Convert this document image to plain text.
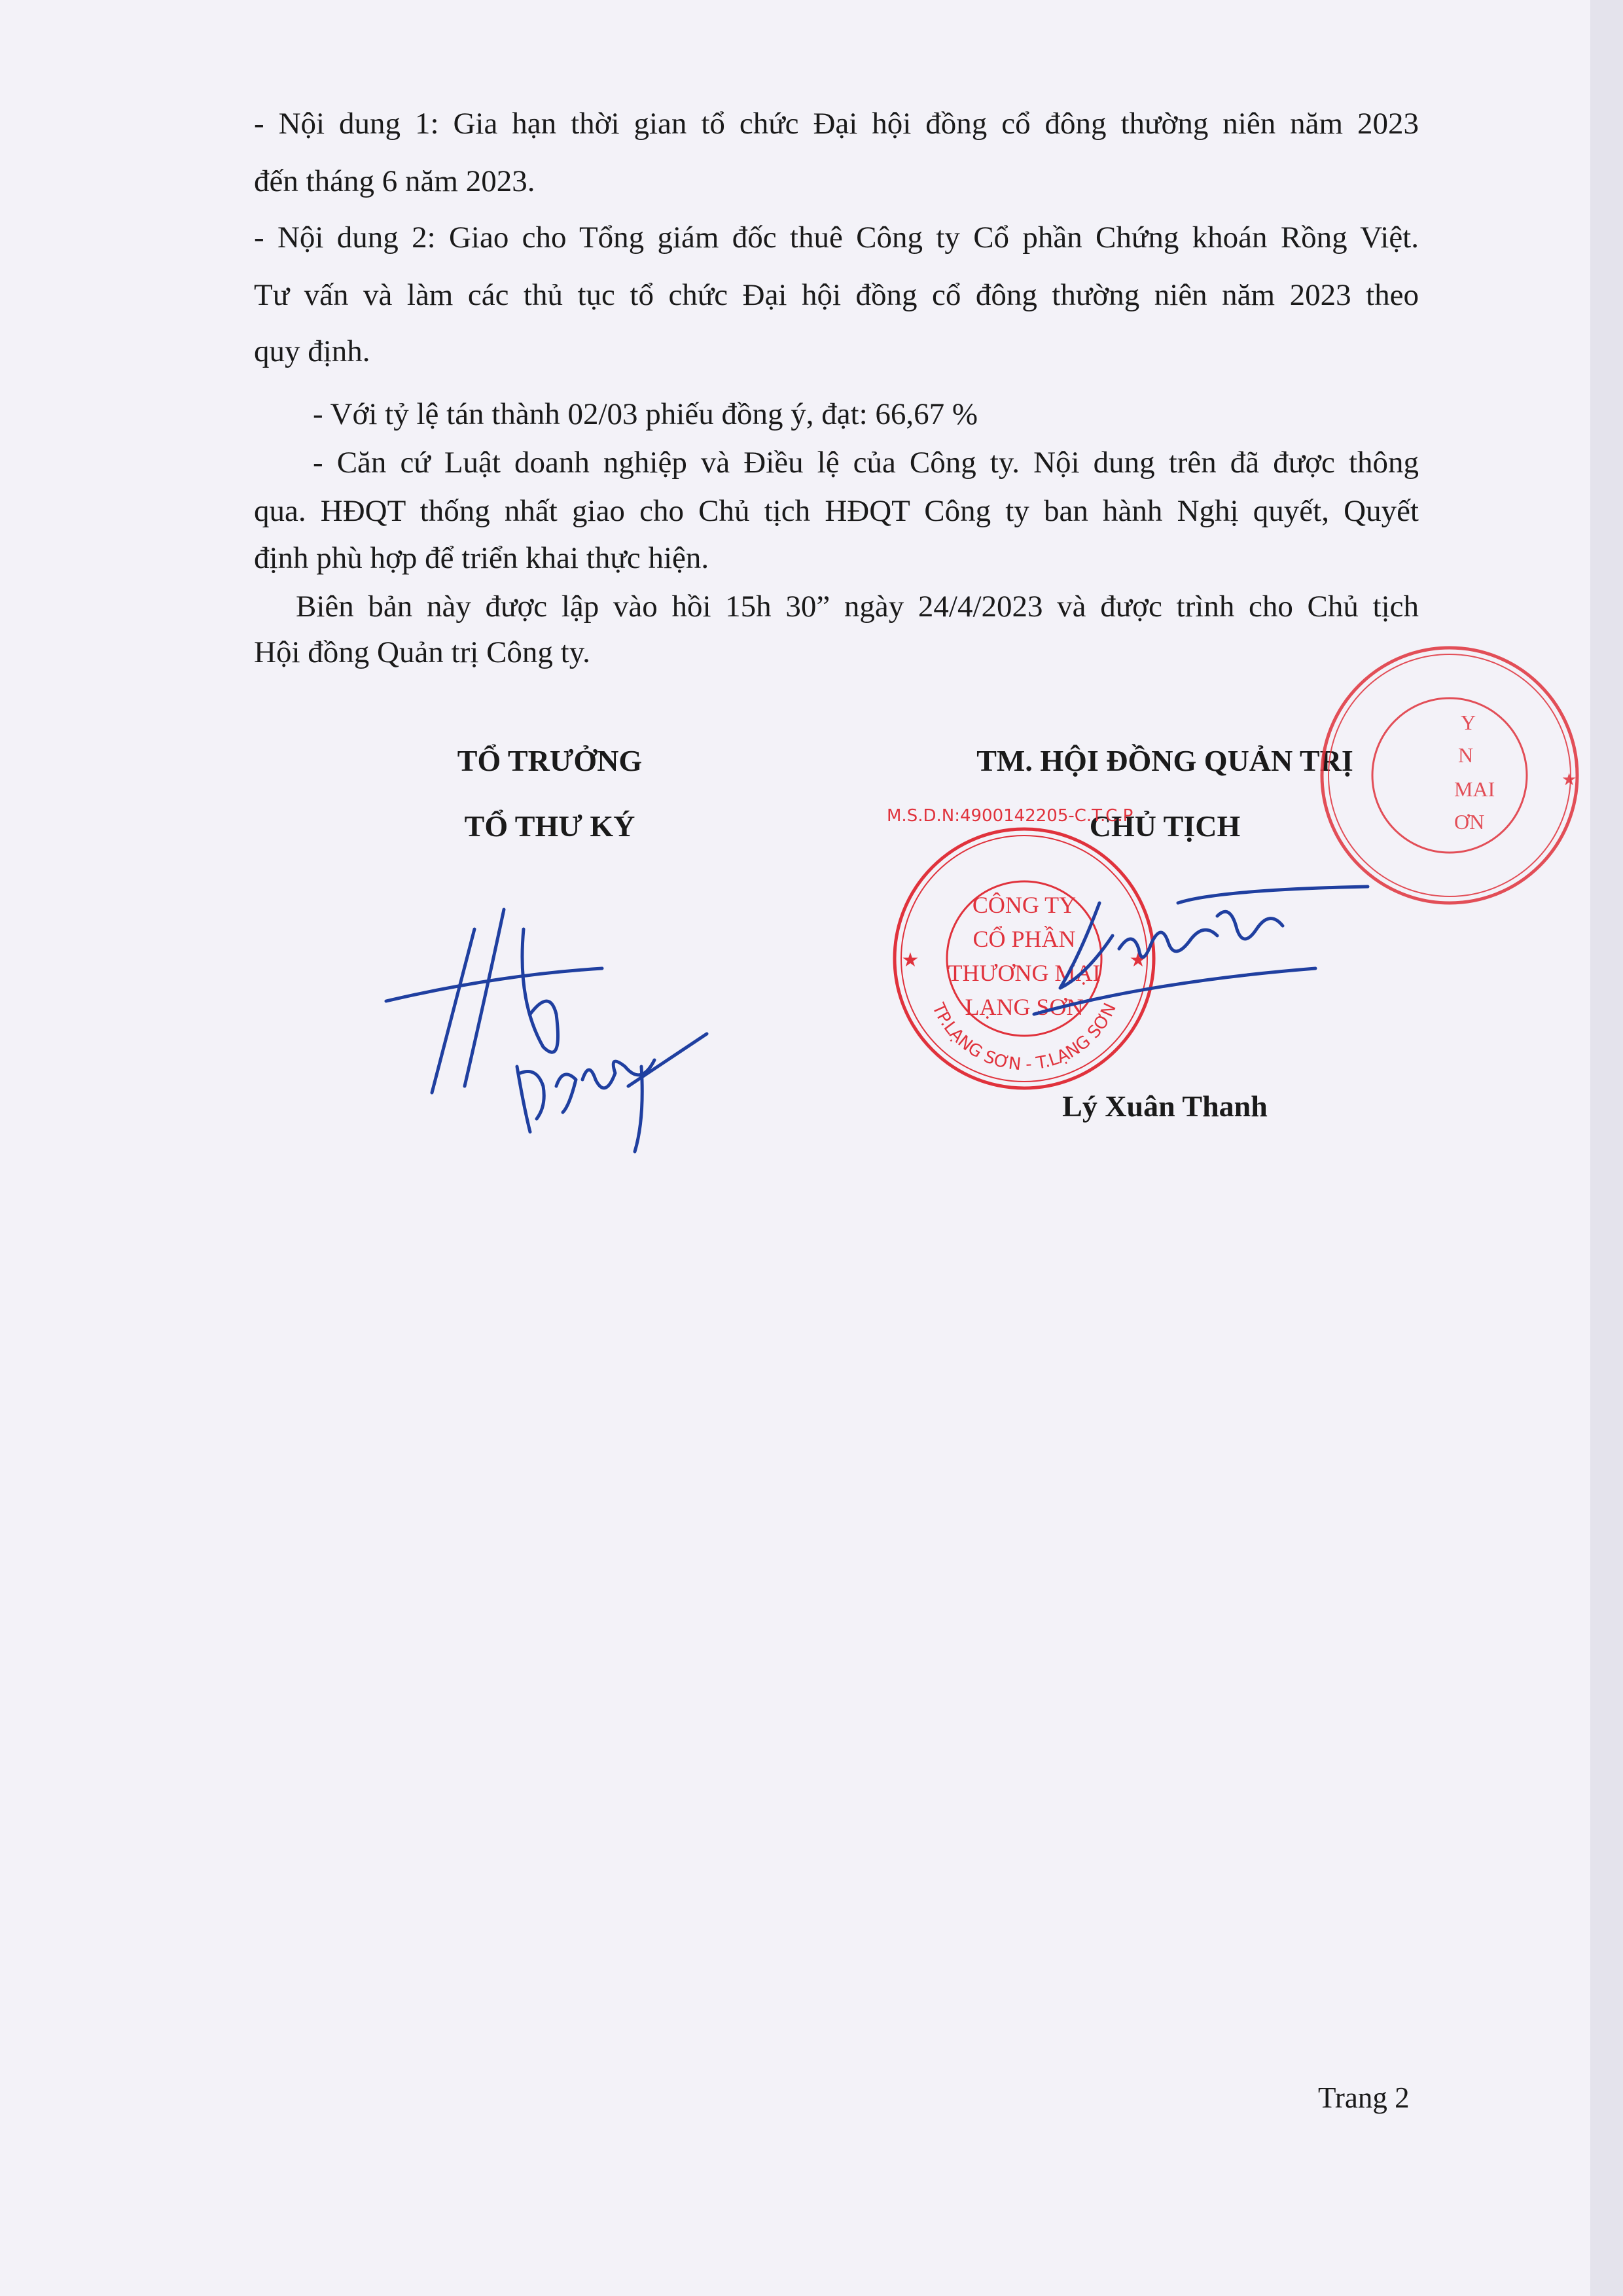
- Nội dung 1: Gia hạn thời gian tổ chức Đại hội đồng cổ đông thường niên năm 2023

đến tháng 6 năm 2023.

- Nội dung 2: Giao cho Tổng giám đốc thuê Công ty Cổ phần Chứng khoán Rồng Việt.

Tư vấn và làm các thủ tục tổ chức Đại hội đồng cổ đông thường niên năm 2023 theo

quy định.

- Với tỷ lệ tán thành 02/03 phiếu đồng ý, đạt: 66,67 %

- Căn cứ Luật doanh nghiệp và Điều lệ của Công ty. Nội dung trên đã được thông

qua. HĐQT thống nhất giao cho Chủ tịch HĐQT Công ty ban hành Nghị quyết, Quyết

định phù hợp để triển khai thực hiện.

Biên bản này được lập vào hồi 15h 30” ngày 24/4/2023 và được trình cho Chủ tịch

Hội đồng Quản trị Công ty.

TỔ TRƯỞNG
TỔ THƯ KÝ
TM. HỘI ĐỒNG QUẢN TRỊ
CHỦ TỊCH
M.S.D.N:4900142205-C.T.C.P
TP.LẠNG SƠN - T.LẠNG SƠN
CÔNG TY
CỔ PHẦN
THƯƠNG MẠI
LẠNG SƠN
★	★
Lý Xuân Thanh
Y
N
MAI
ƠN
★
Trang 2
